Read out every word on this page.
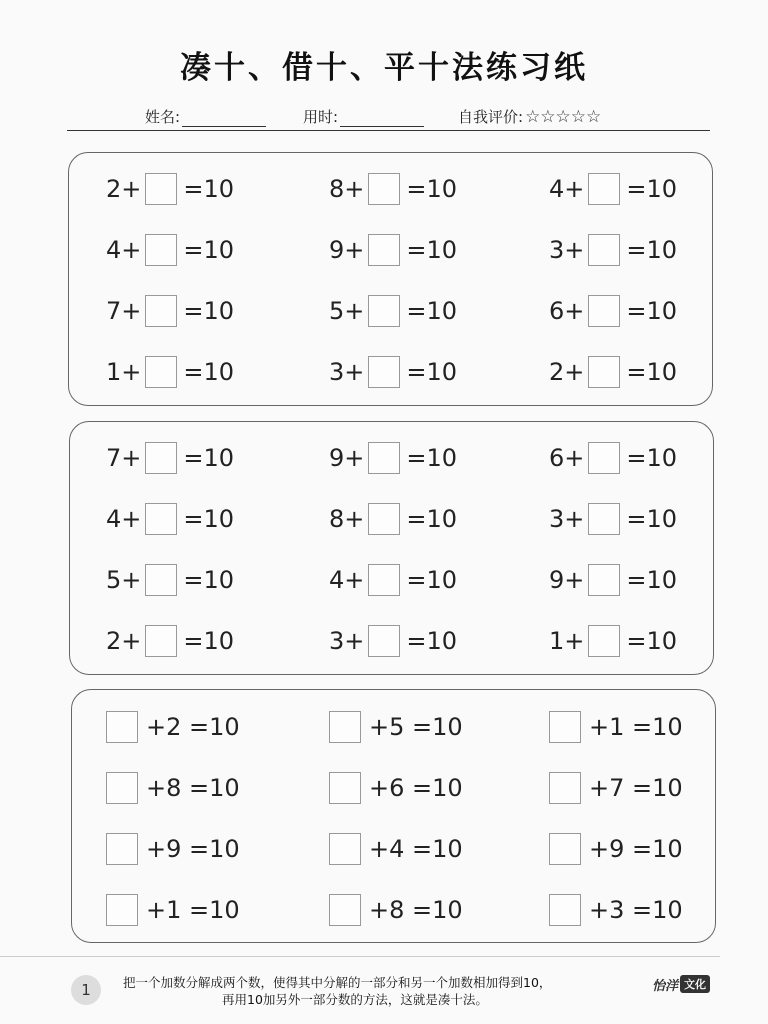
凑十、借十、平十法练习纸
姓名:	用时:	自我评价: ☆☆☆☆☆
2+ =10	8+ =10	4+ =10
4+ =10	9+ =10	3+ =10
7+ =10	5+ =10	6+ =10
1+ =10	3+ =10	2+ =10
7+ =10	9+ =10	6+ =10
4+ =10	8+ =10	3+ =10
5+ =10	4+ =10	9+ =10
2+ =10	3+ =10	1+ =10
+2 =10	+5 =10	+1 =10
+8 =10	+6 =10	+7 =10
+9 =10	+4 =10	+9 =10
+1 =10	+8 =10	+3 =10
1	把一个加数分解成两个数，使得其中分解的一部分和另一个加数相加得到10，
再用10加另外一部分数的方法，这就是凑十法。
怡洋 文化
